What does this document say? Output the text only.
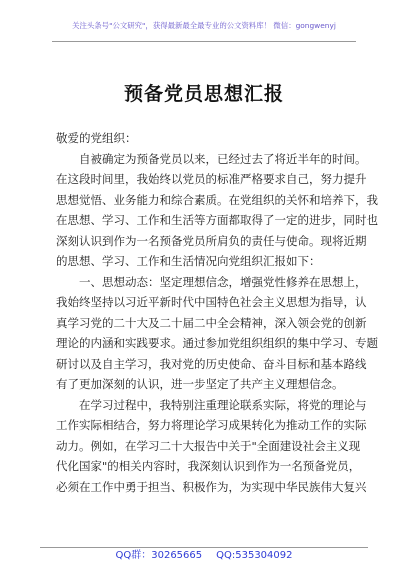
关注头条号"公文研究"，获得最新最全最专业的公文资料库！ 微信：gongwenyj
预备党员思想汇报

敬爱的党组织：

自被确定为预备党员以来，已经过去了将近半年的时间。

在这段时间里，我始终以党员的标准严格要求自己，努力提升

思想觉悟、业务能力和综合素质。在党组织的关怀和培养下，我

在思想、学习、工作和生活等方面都取得了一定的进步，同时也

深刻认识到作为一名预备党员所肩负的责任与使命。现将近期

的思想、学习、工作和生活情况向党组织汇报如下：

一、思想动态：坚定理想信念，增强党性修养在思想上，

我始终坚持以习近平新时代中国特色社会主义思想为指导，认

真学习党的二十大及二十届二中全会精神，深入领会党的创新

理论的内涵和实践要求。通过参加党组织组织的集中学习、专题

研讨以及自主学习，我对党的历史使命、奋斗目标和基本路线

有了更加深刻的认识，进一步坚定了共产主义理想信念。

在学习过程中，我特别注重理论联系实际，将党的理论与

工作实际相结合，努力将理论学习成果转化为推动工作的实际

动力。例如，在学习二十大报告中关于"全面建设社会主义现

代化国家"的相关内容时，我深刻认识到作为一名预备党员，

必须在工作中勇于担当、积极作为，为实现中华民族伟大复兴

QQ群：30265665 QQ:535304092
